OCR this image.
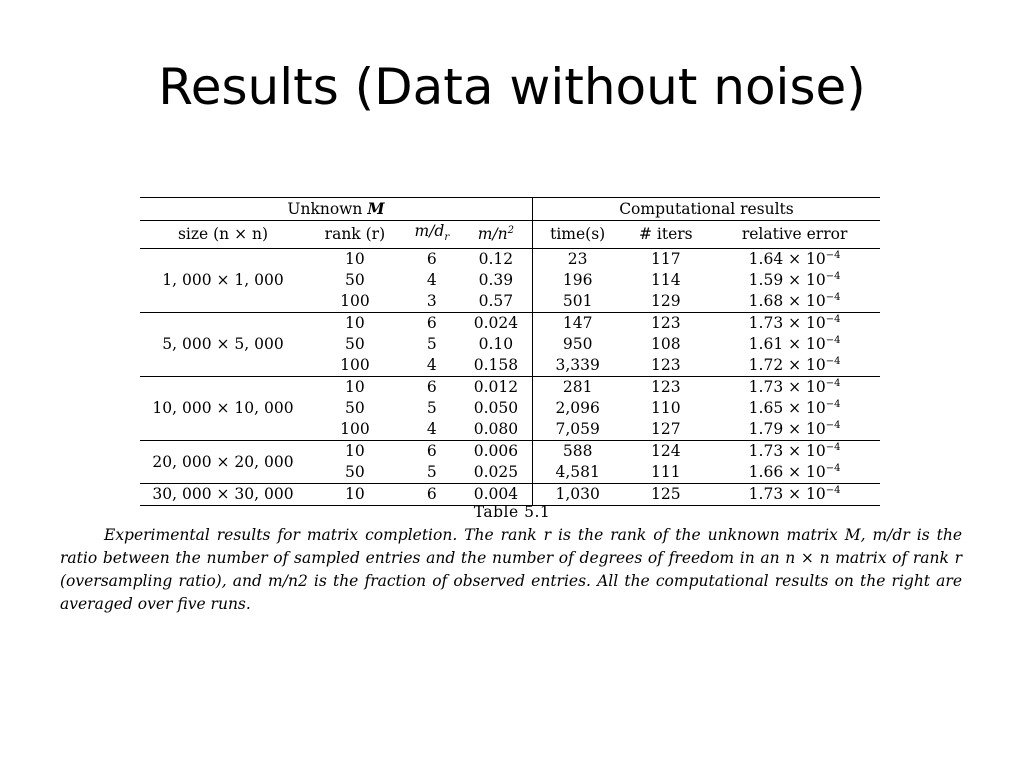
Results (Data without noise)
Unknown M				Computational results		
size (n × n)	rank (r)	$m/d_r$	$m/n^2$	time(s)	# iters	relative error
1, 000 × 1, 000	10	6	0.12	23	117	$1.64 \times 10^{-4}$
	50	4	0.39	196	114	$1.59 \times 10^{-4}$
	100	3	0.57	501	129	$1.68 \times 10^{-4}$
5, 000 × 5, 000	10	6	0.024	147	123	$1.73 \times 10^{-4}$
	50	5	0.10	950	108	$1.61 \times 10^{-4}$
	100	4	0.158	3,339	123	$1.72 \times 10^{-4}$
10, 000 × 10, 000	10	6	0.012	281	123	$1.73 \times 10^{-4}$
	50	5	0.050	2,096	110	$1.65 \times 10^{-4}$
	100	4	0.080	7,059	127	$1.79 \times 10^{-4}$
20, 000 × 20, 000	10	6	0.006	588	124	$1.73 \times 10^{-4}$
	50	5	0.025	4,581	111	$1.66 \times 10^{-4}$
30, 000 × 30, 000	10	6	0.004	1,030	125	$1.73 \times 10^{-4}$
Table 5.1
Experimental results for matrix completion. The rank r is the rank of the unknown matrix M, m/dr is the ratio between the number of sampled entries and the number of degrees of freedom in an n × n matrix of rank r (oversampling ratio), and m/n2 is the fraction of observed entries. All the computational results on the right are averaged over five runs.
